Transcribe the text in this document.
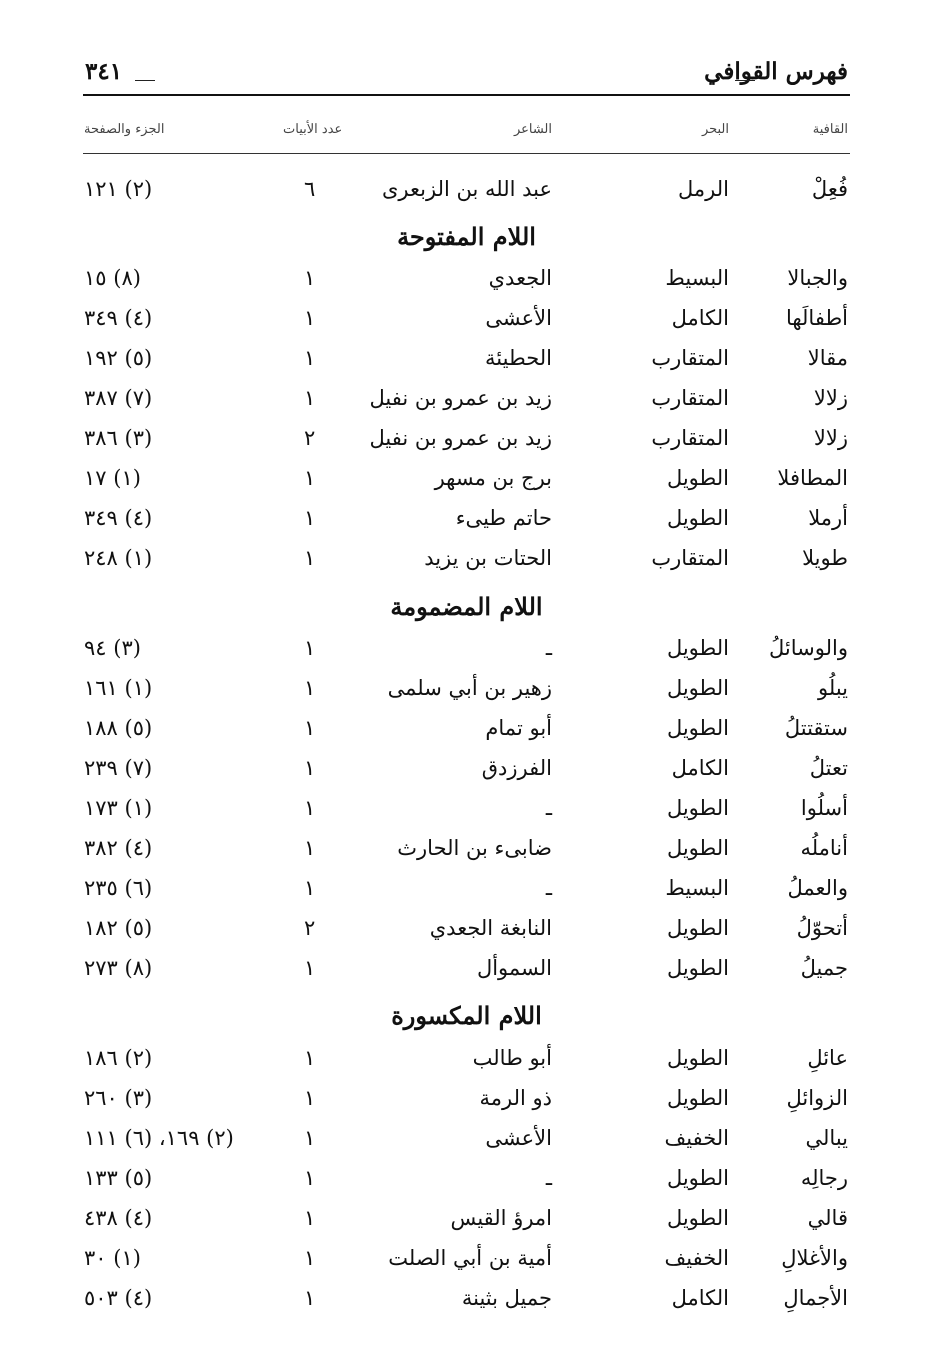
فهرس القوافي
٣٤١
القافية
البحر
الشاعر
عدد الأبيات
الجزء والصفحة
اللام المفتوحة
اللام المضمومة
اللام المكسورة
فُعِلْ
الرمل
عبد الله بن الزبعرى
٦
(٢) ١٢١
والجبالا
البسيط
الجعدي
١
(٨) ١٥
أطفالَها
الكامل
الأعشى
١
(٤) ٣٤٩
مقالا
المتقارب
الحطيئة
١
(٥) ١٩٢
زلالا
المتقارب
زيد بن عمرو بن نفيل
١
(٧) ٣٨٧
زلالا
المتقارب
زيد بن عمرو بن نفيل
٢
(٣) ٣٨٦
المطافلا
الطويل
برج بن مسهر
١
(١) ١٧
أرملا
الطويل
حاتم طيىء
١
(٤) ٣٤٩
طويلا
المتقارب
الحتات بن يزيد
١
(١) ٢٤٨
والوسائلُ
الطويل
ـ
١
(٣) ٩٤
يبلُو
الطويل
زهير بن أبي سلمى
١
(١) ١٦١
ستقتتلُ
الطويل
أبو تمام
١
(٥) ١٨٨
تعتلُ
الكامل
الفرزدق
١
(٧) ٢٣٩
أسلُوا
الطويل
ـ
١
(١) ١٧٣
أناملُه
الطويل
ضابىء بن الحارث
١
(٤) ٣٨٢
والعملُ
البسيط
ـ
١
(٦) ٢٣٥
أتحوّلُ
الطويل
النابغة الجعدي
٢
(٥) ١٨٢
جميلُ
الطويل
السموأل
١
(٨) ٢٧٣
عائلِ
الطويل
أبو طالب
١
(٢) ١٨٦
الزوائلِ
الطويل
ذو الرمة
١
(٣) ٢٦٠
يبالي
الخفيف
الأعشى
١
(٢) ١٦٩، (٦) ١١١
رجالِه
الطويل
ـ
١
(٥) ١٣٣
قالي
الطويل
امرؤ القيس
١
(٤) ٤٣٨
والأغلالِ
الخفيف
أمية بن أبي الصلت
١
(١) ٣٠
الأجمالِ
الكامل
جميل بثينة
١
(٤) ٥٠٣
